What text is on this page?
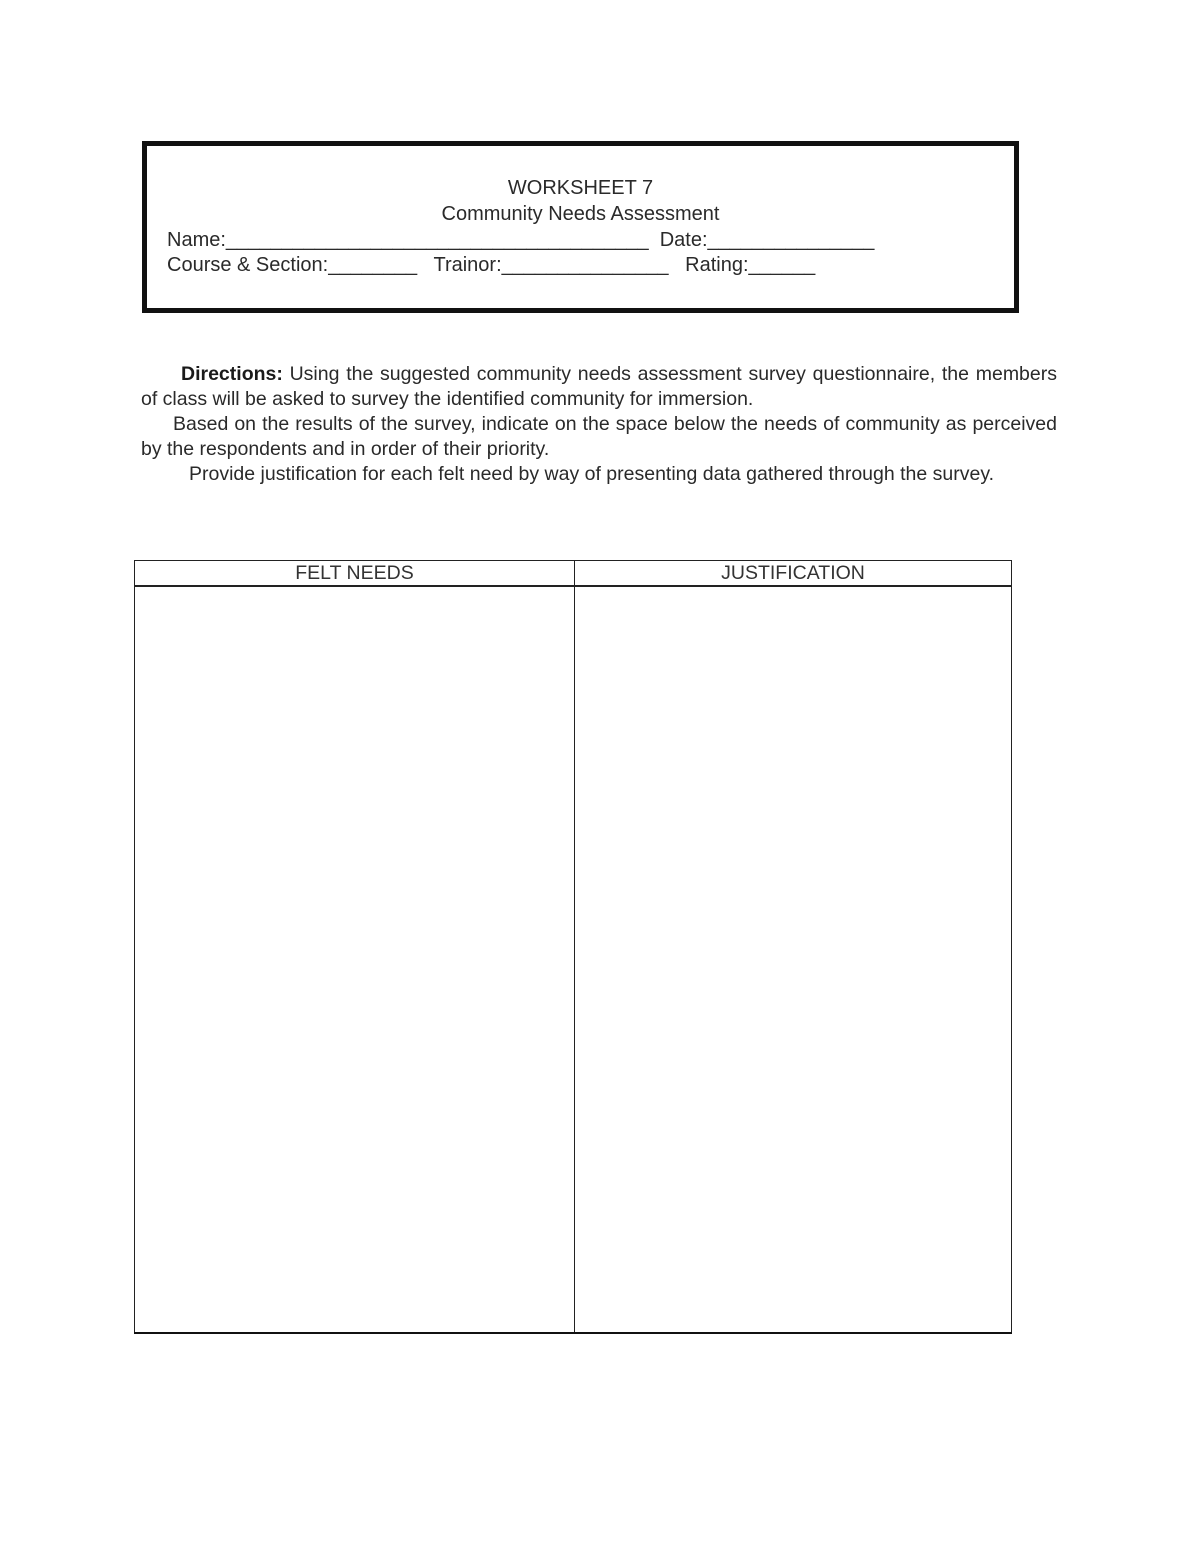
WORKSHEET 7
Community Needs Assessment
Name:______________________________________  Date:_______________
Course & Section:________   Trainor:_______________   Rating:______

Directions: Using the suggested community needs assessment survey questionnaire, the members of class will be asked to survey the identified community for immersion.

Based on the results of the survey, indicate on the space below the needs of community as perceived by the respondents and in order of their priority.

Provide justification for each felt need by way of presenting data gathered through the survey.

FELT NEEDS	JUSTIFICATION
